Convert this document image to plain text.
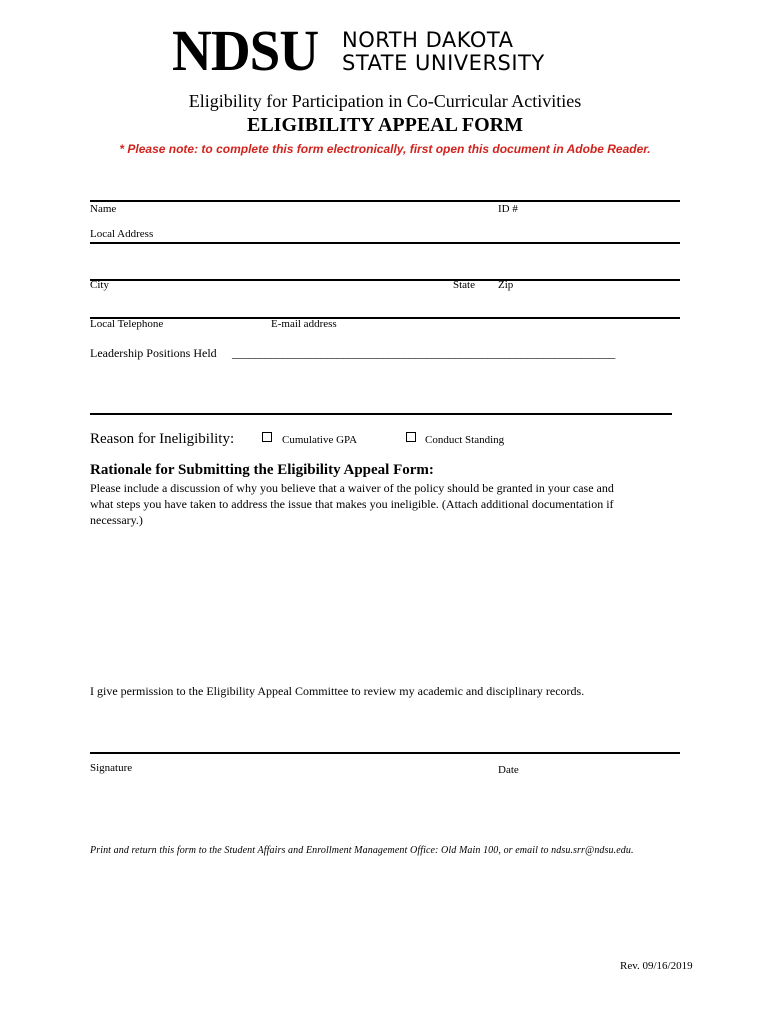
NDSU NORTH DAKOTA
STATE UNIVERSITY
Eligibility for Participation in Co-Curricular Activities
ELIGIBILITY APPEAL FORM
* Please note: to complete this form electronically, first open this document in Adobe Reader.
Name	ID #
Local Address
City	State Zip
Local Telephone	E-mail address
Leadership Positions Held _____________________________________________________________________
Reason for Ineligibility:	Cumulative GPA	Conduct Standing
Rationale for Submitting the Eligibility Appeal Form:
Please include a discussion of why you believe that a waiver of the policy should be granted in your case and
what steps you have taken to address the issue that makes you ineligible. (Attach additional documentation if
necessary.)
I give permission to the Eligibility Appeal Committee to review my academic and disciplinary records.
Signature	Date
Print and return this form to the Student Affairs and Enrollment Management Office: Old Main 100, or email to ndsu.srr@ndsu.edu.
Rev. 09/16/2019
